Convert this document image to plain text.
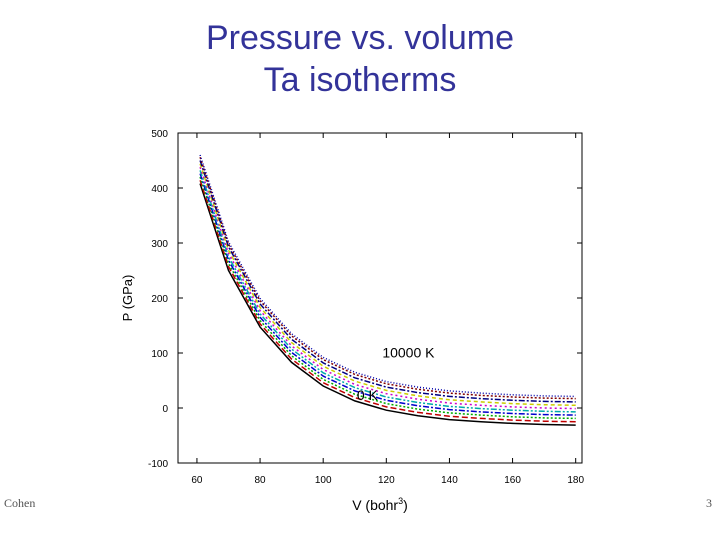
Pressure vs. volume
Ta isotherms
60	80	100	120	140	160	180
-100
0
100
200
300
400
500
10000 K
0 K
P (GPa)
V (bohr$^3$)
Cohen	3
